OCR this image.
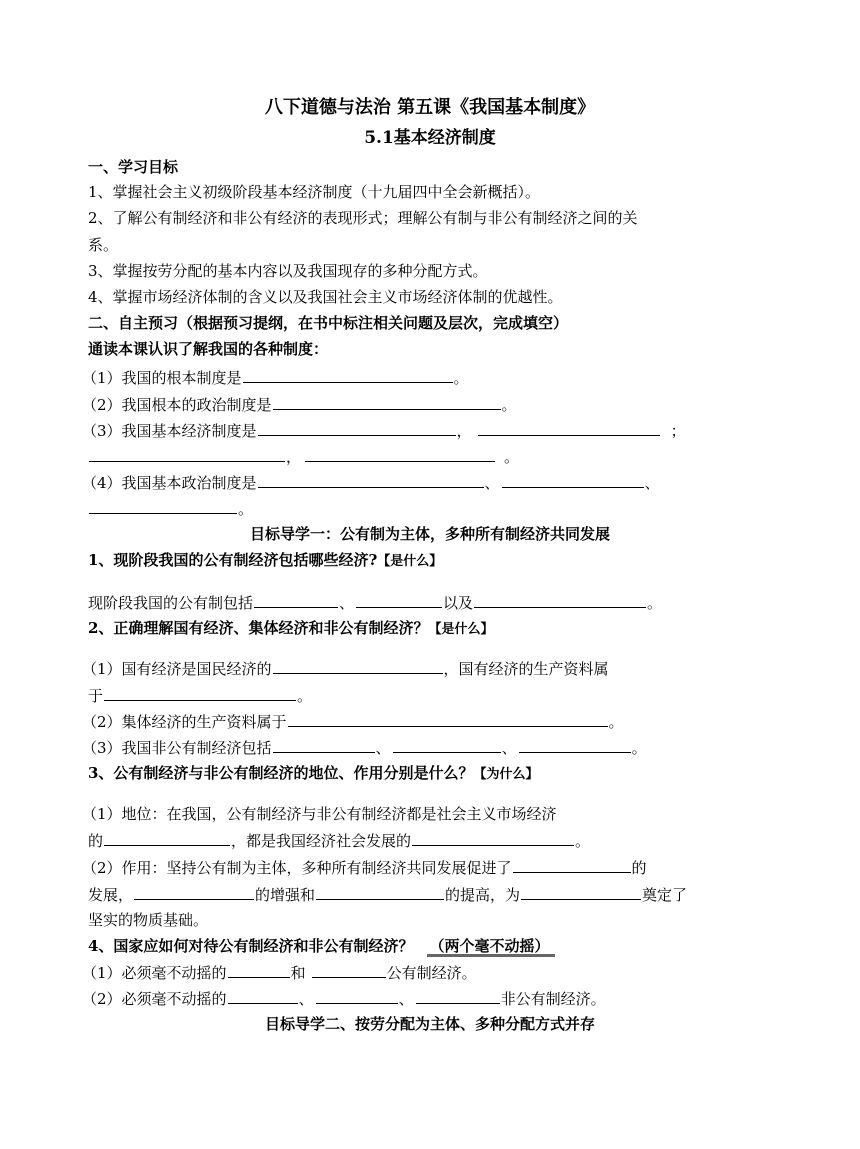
八下道德与法治 第五课《我国基本制度》
5.1基本经济制度
一、学习目标
1、掌握社会主义初级阶段基本经济制度（十九届四中全会新概括）。
2、了解公有制经济和非公有经济的表现形式；理解公有制与非公有制经济之间的关
系。
3、掌握按劳分配的基本内容以及我国现存的多种分配方式。
4、掌握市场经济体制的含义以及我国社会主义市场经济体制的优越性。
二、自主预习（根据预习提纲，在书中标注相关问题及层次，完成填空）
通读本课认识了解我国的各种制度：
（1）我国的根本制度是	。
（2）我国根本的政治制度是	。
（3）我国基本经济制度是	，	；
，	。
（4）我国基本政治制度是	、	、
。
目标导学一：公有制为主体，多种所有制经济共同发展
1、现阶段我国的公有制经济包括哪些经济?【是什么】
现阶段我国的公有制包括	、	以及	。
2、正确理解国有经济、集体经济和非公有制经济？【是什么】
（1）国有经济是国民经济的	，国有经济的生产资料属
于	。
（2）集体经济的生产资料属于	。
（3）我国非公有制经济包括	、	、	。
3、公有制经济与非公有制经济的地位、作用分别是什么？【为什么】
（1）地位：在我国，公有制经济与非公有制经济都是社会主义市场经济
的	，都是我国经济社会发展的	。
（2）作用：坚持公有制为主体，多种所有制经济共同发展促进了	的
发展，	的增强和	的提高，为	奠定了
坚实的物质基础。
4、国家应如何对待公有制经济和非公有制经济？ （两个毫不动摇）
（1）必须毫不动摇的	和	公有制经济。
（2）必须毫不动摇的	、	、	非公有制经济。
目标导学二、按劳分配为主体、多种分配方式并存
